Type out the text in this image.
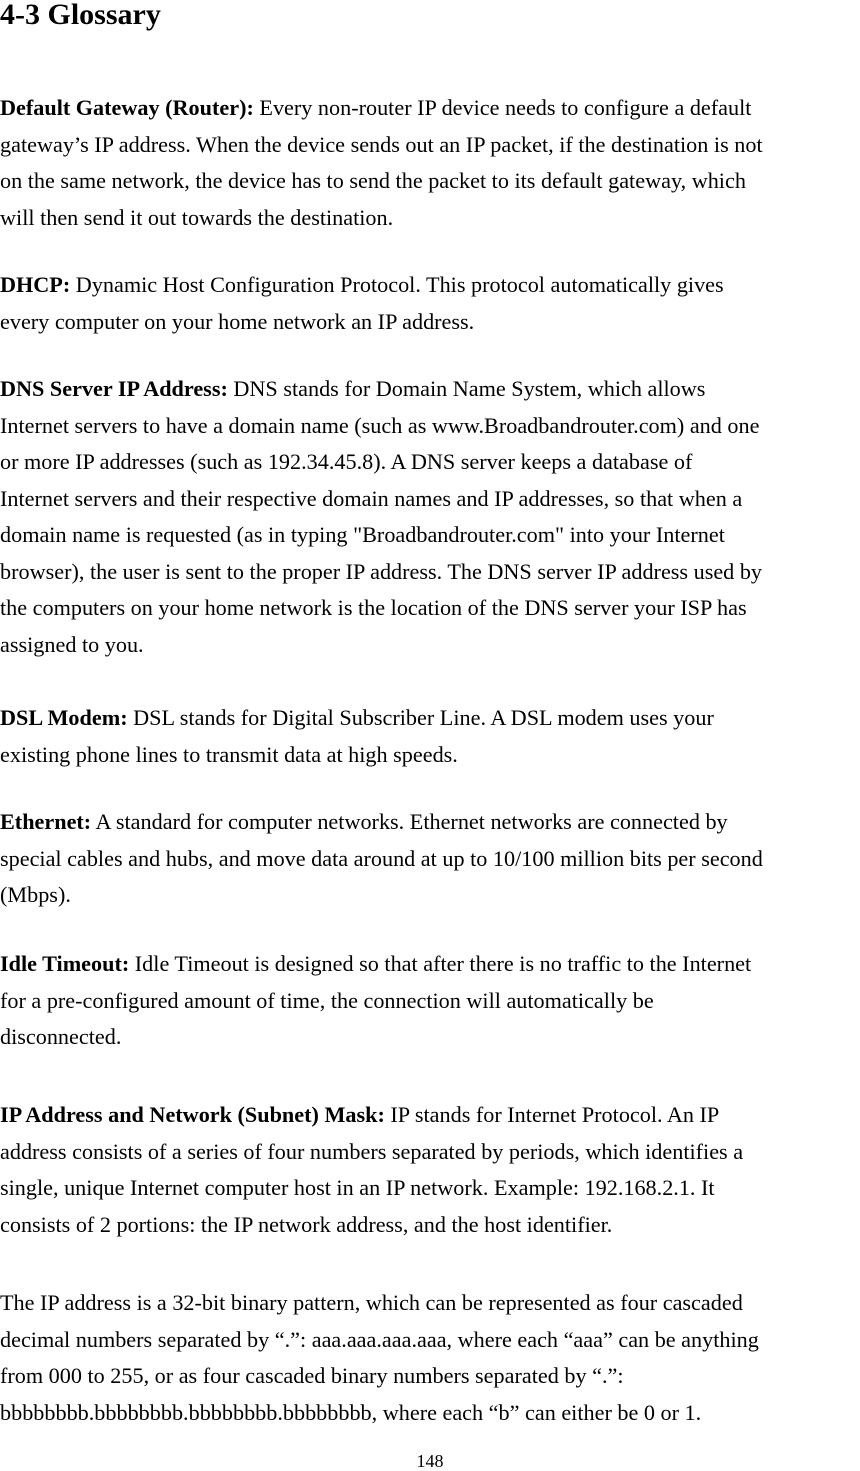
4-3 Glossary

Default Gateway (Router): Every non-router IP device needs to configure a default
gateway’s IP address. When the device sends out an IP packet, if the destination is not
on the same network, the device has to send the packet to its default gateway, which
will then send it out towards the destination.

DHCP: Dynamic Host Configuration Protocol. This protocol automatically gives
every computer on your home network an IP address.

DNS Server IP Address: DNS stands for Domain Name System, which allows
Internet servers to have a domain name (such as www.Broadbandrouter.com) and one
or more IP addresses (such as 192.34.45.8). A DNS server keeps a database of
Internet servers and their respective domain names and IP addresses, so that when a
domain name is requested (as in typing "Broadbandrouter.com" into your Internet
browser), the user is sent to the proper IP address. The DNS server IP address used by
the computers on your home network is the location of the DNS server your ISP has
assigned to you.

DSL Modem: DSL stands for Digital Subscriber Line. A DSL modem uses your
existing phone lines to transmit data at high speeds.

Ethernet: A standard for computer networks. Ethernet networks are connected by
special cables and hubs, and move data around at up to 10/100 million bits per second
(Mbps).

Idle Timeout: Idle Timeout is designed so that after there is no traffic to the Internet
for a pre-configured amount of time, the connection will automatically be
disconnected.

IP Address and Network (Subnet) Mask: IP stands for Internet Protocol. An IP
address consists of a series of four numbers separated by periods, which identifies a
single, unique Internet computer host in an IP network. Example: 192.168.2.1. It
consists of 2 portions: the IP network address, and the host identifier.

The IP address is a 32-bit binary pattern, which can be represented as four cascaded
decimal numbers separated by “.”: aaa.aaa.aaa.aaa, where each “aaa” can be anything
from 000 to 255, or as four cascaded binary numbers separated by “.”:
bbbbbbbb.bbbbbbbb.bbbbbbbb.bbbbbbbb, where each “b” can either be 0 or 1.

148
